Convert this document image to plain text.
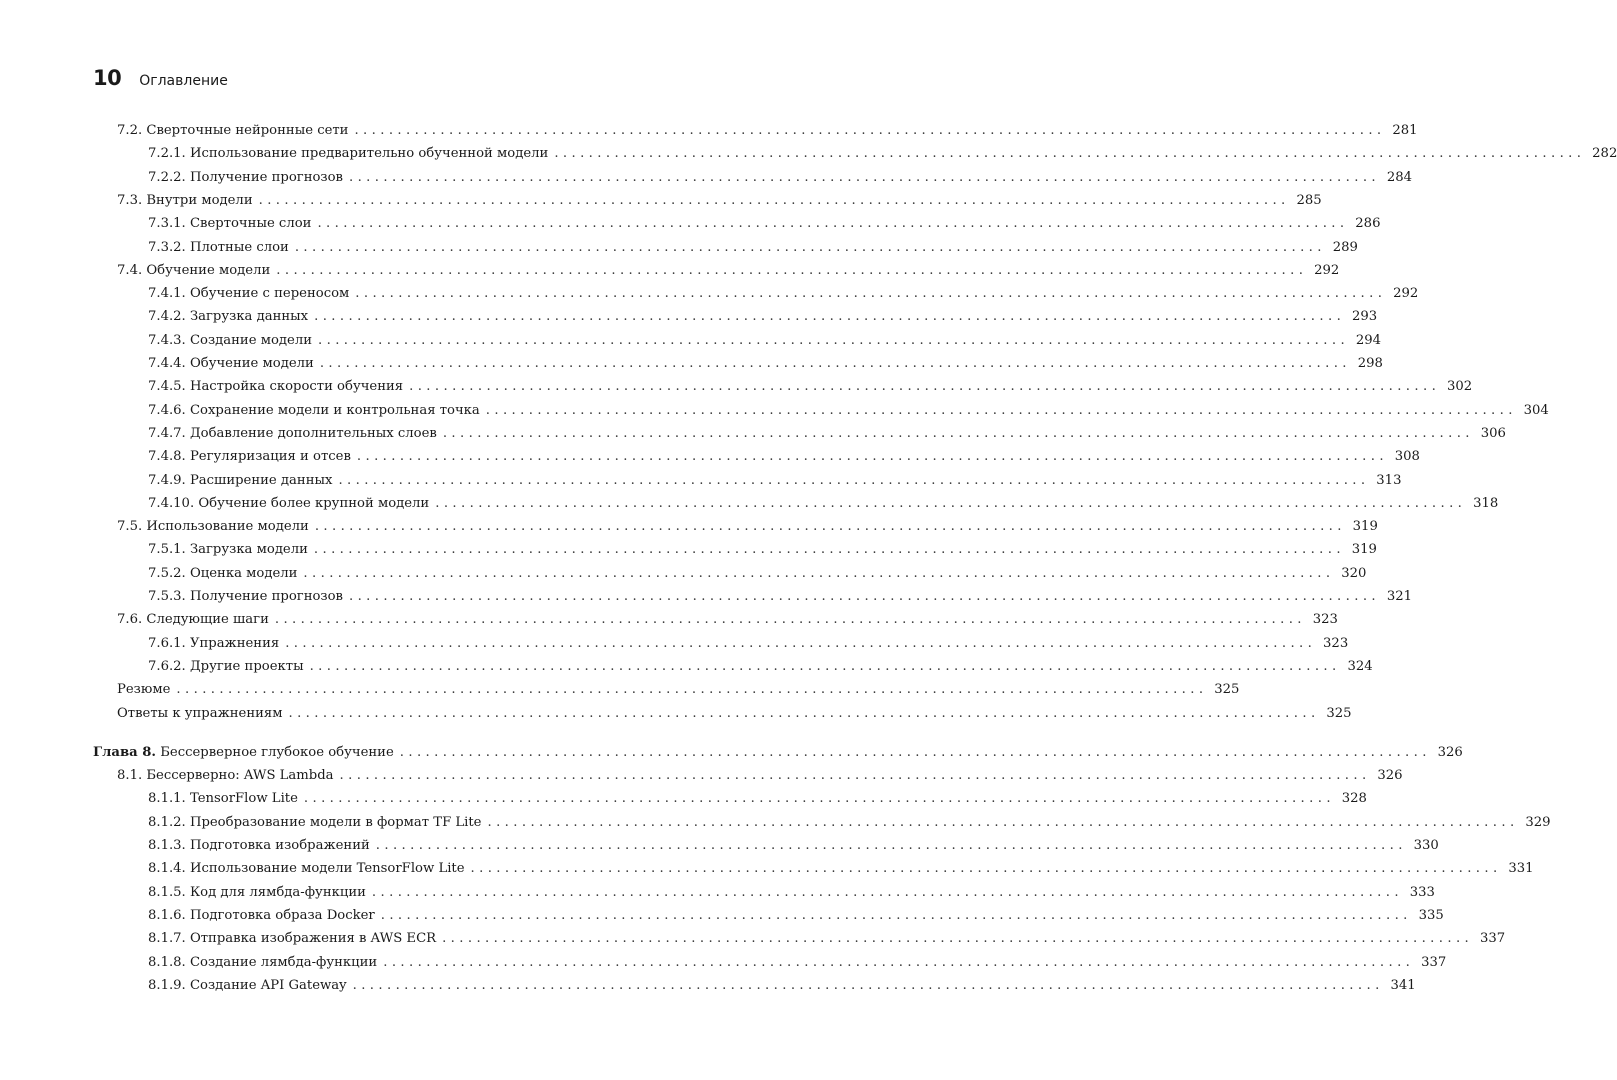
10 Оглавление
7.2. Сверточные нейронные сети ........................................................................................................................ 281
7.2.1. Использование предварительно обученной модели ........................................................................................................................ 282
7.2.2. Получение прогнозов ........................................................................................................................ 284
7.3. Внутри модели ........................................................................................................................ 285
7.3.1. Сверточные слои ........................................................................................................................ 286
7.3.2. Плотные слои ........................................................................................................................ 289
7.4. Обучение модели ........................................................................................................................ 292
7.4.1. Обучение с переносом ........................................................................................................................ 292
7.4.2. Загрузка данных ........................................................................................................................ 293
7.4.3. Создание модели ........................................................................................................................ 294
7.4.4. Обучение модели ........................................................................................................................ 298
7.4.5. Настройка скорости обучения ........................................................................................................................ 302
7.4.6. Сохранение модели и контрольная точка ........................................................................................................................ 304
7.4.7. Добавление дополнительных слоев ........................................................................................................................ 306
7.4.8. Регуляризация и отсев ........................................................................................................................ 308
7.4.9. Расширение данных ........................................................................................................................ 313
7.4.10. Обучение более крупной модели ........................................................................................................................ 318
7.5. Использование модели ........................................................................................................................ 319
7.5.1. Загрузка модели ........................................................................................................................ 319
7.5.2. Оценка модели ........................................................................................................................ 320
7.5.3. Получение прогнозов ........................................................................................................................ 321
7.6. Следующие шаги ........................................................................................................................ 323
7.6.1. Упражнения ........................................................................................................................ 323
7.6.2. Другие проекты ........................................................................................................................ 324
Резюме ........................................................................................................................ 325
Ответы к упражнениям ........................................................................................................................ 325
Глава 8. Бессерверное глубокое обучение ........................................................................................................................ 326
8.1. Бессерверно: AWS Lambda ........................................................................................................................ 326
8.1.1. TensorFlow Lite ........................................................................................................................ 328
8.1.2. Преобразование модели в формат TF Lite ........................................................................................................................ 329
8.1.3. Подготовка изображений ........................................................................................................................ 330
8.1.4. Использование модели TensorFlow Lite ........................................................................................................................ 331
8.1.5. Код для лямбда-функции ........................................................................................................................ 333
8.1.6. Подготовка образа Docker ........................................................................................................................ 335
8.1.7. Отправка изображения в AWS ECR ........................................................................................................................ 337
8.1.8. Создание лямбда-функции ........................................................................................................................ 337
8.1.9. Создание API Gateway ........................................................................................................................ 341
